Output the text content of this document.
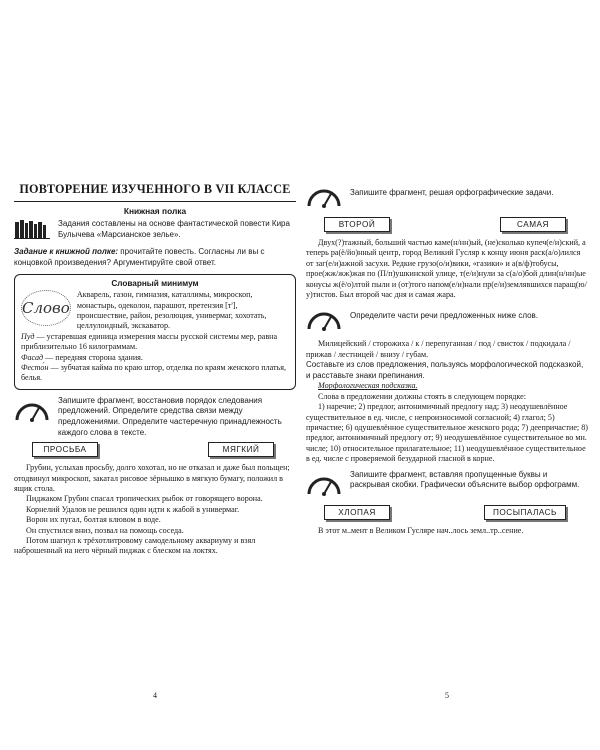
ПОВТОРЕНИЕ ИЗУЧЕННОГО В VII КЛАССЕ
Книжная полка

Задания составлены на основе фантастической повести Кира Булычева «Марсианское зелье».

Задание к книжной полке: прочитайте повесть. Согласны ли вы с концовкой произведения? Аргументируйте свой ответ.

Словарный минимум
Слово

Акварель, газон, гимназия, каталлимы, микроскоп, монастырь, одеколон, парашют, претензия [т'], происшествие, район, резолюция, универмаг, хохотать, целлулоидный, экскаватор.

Пуд — устаревшая единица измерения массы русской системы мер, равна приблизительно 16 килограммам.

Фасад — передняя сторона здания.

Фесто́н — зубчатая кайма по краю штор, отделка по краям женского платья, белья.

Запишите фрагмент, восстановив порядок следования предложений. Определите средства связи между предложениями. Определите частеречную принадлежность каждого слова в тексте.

ПРОСЬБА	МЯГКИЙ

Грубин, услыхав просьбу, долго хохотал, но не отказал и даже был польщен; отодвинул микроскоп, закатал рисовое зёрнышко в мягкую бумагу, положил в ящик стола.

Пиджаком Грубин спасал тропических рыбок от говорящего ворона.

Корнелий Удалов не решился один идти к жабой в универмаг.

Ворон их пугал, болтая клювом в воде.

Он спустился вниз, позвал на помощь соседа.

Потом шагнул к трёхотлитровому самодельному аквариуму и взял наброшенный на него чёрный пиджак с блеском на локтях.

4

Запишите фрагмент, решая орфографические задачи.

ВТОРОЙ	САМАЯ

Двух(?)тажный, больший частью каме(н/нн)ый, (не)сколько купеч(е/и)ский, а теперь ра(ё/йо)нный центр, город Великий Гусляр к концу июня раск(а/о)лился от заг(е/и)ажной засухи. Редкие грузо(о/и)вики, «газики» и а(в/ф)тобусы, прое(жж/жж)жая по (П/п)ушкинской улице, т(е/и)нули за с(а/о)бой длин(н/нн)ые конусы ж(ё/о)лтой пыли и (от)того напом(е/и)нали пр(е/и)землявшихся паращ(ю/у)тистов. Был второй час дня и самая жара.

Определите части речи предложенных ниже слов.

Милицейский / сторожиха / к / перепуганная / под / свисток / подкидала / прижав / лестницей / внизу / губам.

Составьте из слов предложения, пользуясь морфологической подсказкой, и расставьте знаки препинания.

Морфологическая подсказка.

Слова в предложении должны стоять в следующем порядке:

1) наречие; 2) предлог, антонимичный предлогу над; 3) неодушевлённое существительное в ед. числе, с непроизносимой согласной; 4) глагол; 5) причастие; 6) одушевлённое существительное женского рода; 7) деепричастие; 8) предлог, антонимичный предлогу от; 9) неодушевлённое существительное во мн. числе; 10) относительное прилагательное; 11) неодушевлённое существительное в ед. числе с проверяемой безударной гласной в корне.

Запишите фрагмент, вставляя пропущенные буквы и раскрывая скобки. Графически объясните выбор орфограмм.

ХЛОПАЯ	ПОСЫПАЛАСЬ

В этот м..мент в Великом Гусляре нач..лось земл..тр..сение.

5
